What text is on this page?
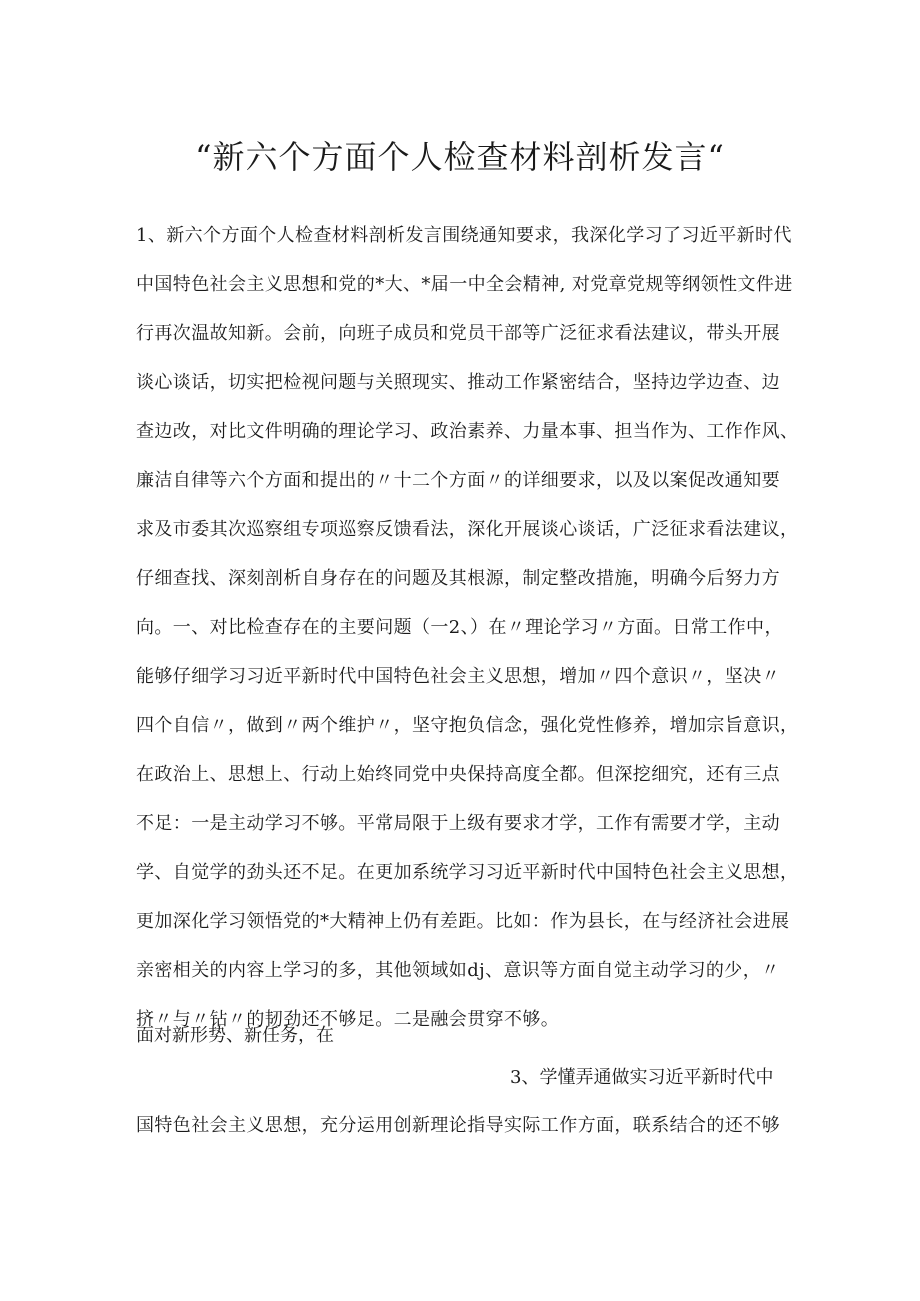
“新六个方面个人检查材料剖析发言“
1、新六个方面个人检查材料剖析发言围绕通知要求，我深化学习了习近平新时代
中国特色社会主义思想和党的*大、*届一中全会精神, 对党章党规等纲领性文件进
行再次温故知新。会前，向班子成员和党员干部等广泛征求看法建议，带头开展
谈心谈话，切实把检视问题与关照现实、推动工作紧密结合，坚持边学边查、边
查边改，对比文件明确的理论学习、政治素养、力量本事、担当作为、工作作风、
廉洁自律等六个方面和提出的〃十二个方面〃的详细要求，以及以案促改通知要
求及市委其次巡察组专项巡察反馈看法，深化开展谈心谈话，广泛征求看法建议，
仔细查找、深刻剖析自身存在的问题及其根源，制定整改措施，明确今后努力方
向。一、对比检查存在的主要问题（一2、）在〃理论学习〃方面。日常工作中，
能够仔细学习习近平新时代中国特色社会主义思想，增加〃四个意识〃，坚决〃
四个自信〃，做到〃两个维护〃，坚守抱负信念，强化党性修养，增加宗旨意识，
在政治上、思想上、行动上始终同党中央保持高度全都。但深挖细究，还有三点
不足：一是主动学习不够。平常局限于上级有要求才学，工作有需要才学，主动
学、自觉学的劲头还不足。在更加系统学习习近平新时代中国特色社会主义思想，
更加深化学习领悟党的*大精神上仍有差距。比如：作为县长，在与经济社会进展
亲密相关的内容上学习的多，其他领域如dj、意识等方面自觉主动学习的少，〃
挤〃与〃钻〃的韧劲还不够足。二是融会贯穿不够。
面对新形势、新任务，在
3、学懂弄通做实习近平新时代中
国特色社会主义思想，充分运用创新理论指导实际工作方面，联系结合的还不够
